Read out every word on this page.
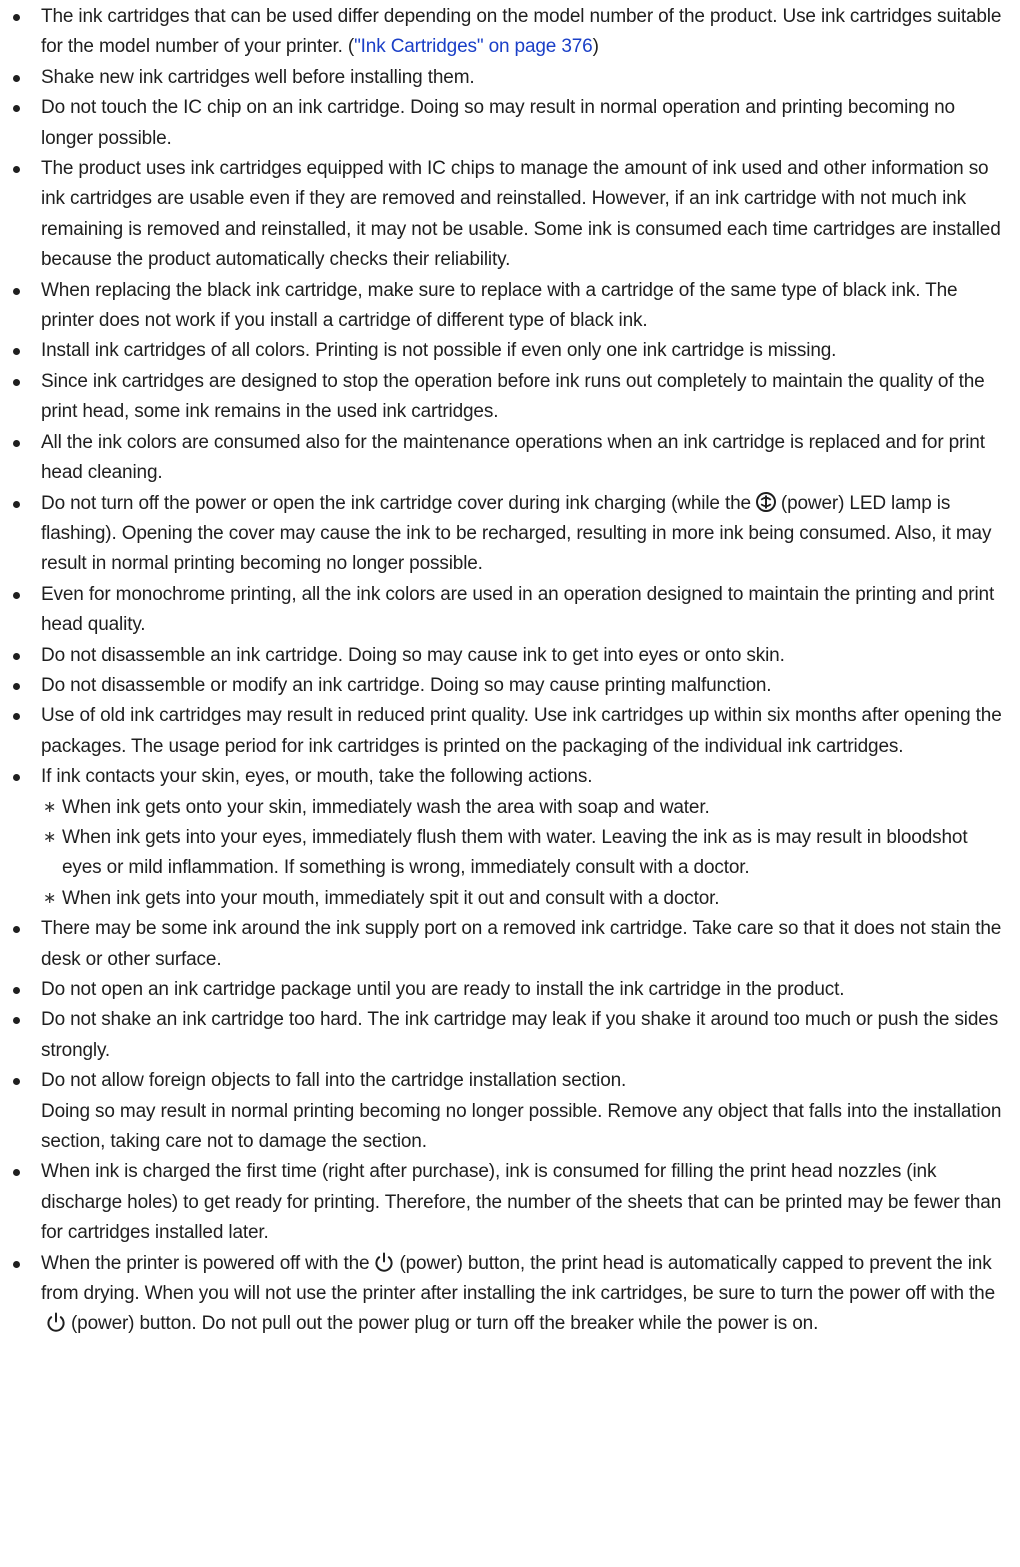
The ink cartridges that can be used differ depending on the model number of the product. Use ink cartridges suitable for the model number of your printer. ("Ink Cartridges" on page 376)
Shake new ink cartridges well before installing them.
Do not touch the IC chip on an ink cartridge. Doing so may result in normal operation and printing becoming no longer possible.
The product uses ink cartridges equipped with IC chips to manage the amount of ink used and other information so ink cartridges are usable even if they are removed and reinstalled. However, if an ink cartridge with not much ink remaining is removed and reinstalled, it may not be usable. Some ink is consumed each time cartridges are installed because the product automatically checks their reliability.
When replacing the black ink cartridge, make sure to replace with a cartridge of the same type of black ink. The printer does not work if you install a cartridge of different type of black ink.
Install ink cartridges of all colors. Printing is not possible if even only one ink cartridge is missing.
Since ink cartridges are designed to stop the operation before ink runs out completely to maintain the quality of the print head, some ink remains in the used ink cartridges.
All the ink colors are consumed also for the maintenance operations when an ink cartridge is replaced and for print head cleaning.
Do not turn off the power or open the ink cartridge cover during ink charging (while the (power) LED lamp is flashing). Opening the cover may cause the ink to be recharged, resulting in more ink being consumed. Also, it may result in normal printing becoming no longer possible.
Even for monochrome printing, all the ink colors are used in an operation designed to maintain the printing and print head quality.
Do not disassemble an ink cartridge. Doing so may cause ink to get into eyes or onto skin.
Do not disassemble or modify an ink cartridge. Doing so may cause printing malfunction.
Use of old ink cartridges may result in reduced print quality. Use ink cartridges up within six months after opening the packages. The usage period for ink cartridges is printed on the packaging of the individual ink cartridges.
If ink contacts your skin, eyes, or mouth, take the following actions.
∗ When ink gets onto your skin, immediately wash the area with soap and water.
∗ When ink gets into your eyes, immediately flush them with water. Leaving the ink as is may result in bloodshot eyes or mild inflammation. If something is wrong, immediately consult with a doctor.
∗ When ink gets into your mouth, immediately spit it out and consult with a doctor.
There may be some ink around the ink supply port on a removed ink cartridge. Take care so that it does not stain the desk or other surface.
Do not open an ink cartridge package until you are ready to install the ink cartridge in the product.
Do not shake an ink cartridge too hard. The ink cartridge may leak if you shake it around too much or push the sides strongly.
Do not allow foreign objects to fall into the cartridge installation section.
Doing so may result in normal printing becoming no longer possible. Remove any object that falls into the installation section, taking care not to damage the section.
When ink is charged the first time (right after purchase), ink is consumed for filling the print head nozzles (ink discharge holes) to get ready for printing. Therefore, the number of the sheets that can be printed may be fewer than for cartridges installed later.
When the printer is powered off with the (power) button, the print head is automatically capped to prevent the ink from drying. When you will not use the printer after installing the ink cartridges, be sure to turn the power off with the
(power) button. Do not pull out the power plug or turn off the breaker while the power is on.
